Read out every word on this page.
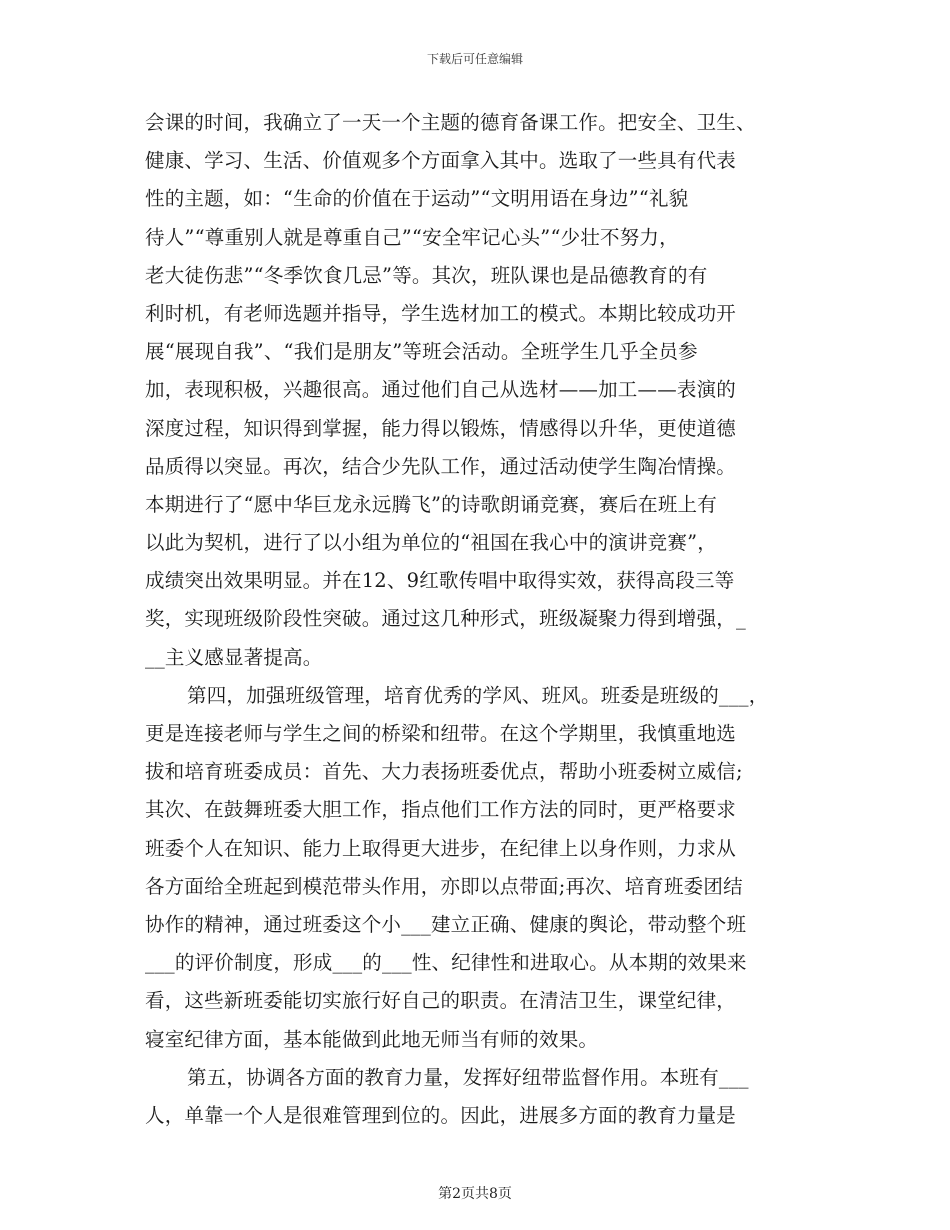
下载后可任意编辑
会课的时间，我确立了一天一个主题的德育备课工作。把安全、卫生、
健康、学习、生活、价值观多个方面拿入其中。选取了一些具有代表
性的主题，如：“生命的价值在于运动”“文明用语在身边”“礼貌
待人”“尊重别人就是尊重自己”“安全牢记心头”“少壮不努力，
老大徒伤悲”“冬季饮食几忌”等。其次，班队课也是品德教育的有
利时机，有老师选题并指导，学生选材加工的模式。本期比较成功开
展“展现自我”、“我们是朋友”等班会活动。全班学生几乎全员参
加，表现积极，兴趣很高。通过他们自己从选材——加工——表演的
深度过程，知识得到掌握，能力得以锻炼，情感得以升华，更使道德
品质得以突显。再次，结合少先队工作，通过活动使学生陶冶情操。
本期进行了“愿中华巨龙永远腾飞”的诗歌朗诵竞赛，赛后在班上有
以此为契机，进行了以小组为单位的“祖国在我心中的演讲竞赛”，
成绩突出效果明显。并在12、9红歌传唱中取得实效，获得高段三等
奖，实现班级阶段性突破。通过这几种形式，班级凝聚力得到增强，_
__主义感显著提高。
第四，加强班级管理，培育优秀的学风、班风。班委是班级的___，
更是连接老师与学生之间的桥梁和纽带。在这个学期里，我慎重地选
拔和培育班委成员：首先、大力表扬班委优点，帮助小班委树立威信;
其次、在鼓舞班委大胆工作，指点他们工作方法的同时，更严格要求
班委个人在知识、能力上取得更大进步，在纪律上以身作则，力求从
各方面给全班起到模范带头作用，亦即以点带面;再次、培育班委团结
协作的精神，通过班委这个小___建立正确、健康的舆论，带动整个班
___的评价制度，形成___的___性、纪律性和进取心。从本期的效果来
看，这些新班委能切实旅行好自己的职责。在清洁卫生，课堂纪律，
寝室纪律方面，基本能做到此地无师当有师的效果。
第五，协调各方面的教育力量，发挥好纽带监督作用。本班有___
人，单靠一个人是很难管理到位的。因此，进展多方面的教育力量是
第2页共8页
